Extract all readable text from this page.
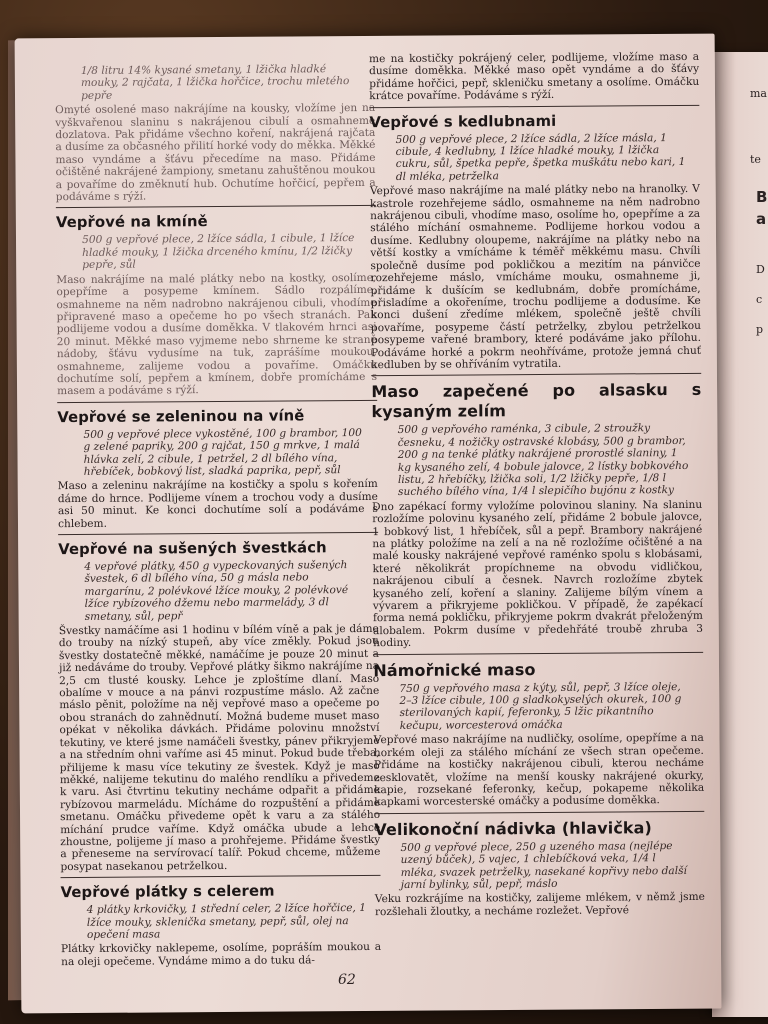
ma
te
B
a
D
c
p

1/8 litru 14% kysané smetany, 1 lžička hladké mouky, 2 rajčata, 1 lžička hořčice, trochu mletého pepře

Omyté osolené maso nakrájíme na kousky, vložíme jen na vyškvařenou slaninu s nakrájenou cibulí a osmahneme dozlatova. Pak přidáme všechno koření, nakrájená rajčata a dusíme za občasného přilití horké vody do měkka. Měkké maso vyndáme a šťávu přecedíme na maso. Přidáme očištěné nakrájené žampiony, smetanu zahuštěnou moukou a povaříme do změknutí hub. Ochutíme hořčicí, pepřem a podáváme s rýží.

Vepřové na kmíně

500 g vepřové plece, 2 lžíce sádla, 1 cibule, 1 lžíce hladké mouky, 1 lžička drceného kmínu, 1/2 lžičky pepře, sůl

Maso nakrájíme na malé plátky nebo na kostky, osolíme, opepříme a posypeme kmínem. Sádlo rozpálíme, osmahneme na něm nadrobno nakrájenou cibuli, vhodíme připravené maso a opečeme ho po všech stranách. Pak podlijeme vodou a dusíme doměkka. V tlakovém hrnci asi 20 minut. Měkké maso vyjmeme nebo shrneme ke straně nádoby, šťávu vydusíme na tuk, zaprášíme moukou, osmahneme, zalijeme vodou a povaříme. Omáčku dochutíme solí, pepřem a kmínem, dobře promícháme s masem a podáváme s rýží.

Vepřové se zeleninou na víně

500 g vepřové plece vykostěné, 100 g brambor, 100 g zelené papriky, 200 g rajčat, 150 g mrkve, 1 malá hlávka zelí, 2 cibule, 1 petržel, 2 dl bílého vína, hřebíček, bobkový list, sladká paprika, pepř, sůl

Maso a zeleninu nakrájíme na kostičky a spolu s kořením dáme do hrnce. Podlijeme vínem a trochou vody a dusíme asi 50 minut. Ke konci dochutíme solí a podáváme s chlebem.

Vepřové na sušených švestkách

4 vepřové plátky, 450 g vypeckovaných sušených švestek, 6 dl bílého vína, 50 g másla nebo margarínu, 2 polévkové lžíce mouky, 2 polévkové lžíce rybízového džemu nebo marmelády, 3 dl smetany, sůl, pepř

Švestky namáčíme asi 1 hodinu v bílém víně a pak je dáme do trouby na nízký stupeň, aby více změkly. Pokud jsou švestky dostatečně měkké, namáčíme je pouze 20 minut a již nedáváme do trouby. Vepřové plátky šikmo nakrájíme na 2,5 cm tlusté kousky. Lehce je zploštíme dlaní. Maso obalíme v mouce a na pánvi rozpustíme máslo. Až začne máslo pěnit, položíme na něj vepřové maso a opečeme po obou stranách do zahnědnutí. Možná budeme muset maso opékat v několika dávkách. Přidáme polovinu množství tekutiny, ve které jsme namáčeli švestky, pánev přikryjeme a na středním ohni vaříme asi 45 minut. Pokud bude třeba, přilijeme k masu více tekutiny ze švestek. Když je maso měkké, nalijeme tekutinu do malého rendlíku a přivedeme k varu. Asi čtvrtinu tekutiny necháme odpařit a přidáme rybízovou marmeládu. Mícháme do rozpuštění a přidáme smetanu. Omáčku přivedeme opět k varu a za stálého míchání prudce vaříme. Když omáčka ubude a lehce zhoustne, polijeme jí maso a prohřejeme. Přidáme švestky a přeneseme na servírovací talíř. Pokud chceme, můžeme posypat nasekanou petrželkou.

Vepřové plátky s celerem

4 plátky krkovičky, 1 střední celer, 2 lžíce hořčice, 1 lžíce mouky, sklenička smetany, pepř, sůl, olej na opečení masa

Plátky krkovičky naklepeme, osolíme, popráším moukou a na oleji opečeme. Vyndáme mimo a do tuku dá-

me na kostičky pokrájený celer, podlijeme, vložíme maso a dusíme doměkka. Měkké maso opět vyndáme a do šťávy přidáme hořčici, pepř, skleničku smetany a osolíme. Omáčku krátce povaříme. Podáváme s rýží.

Vepřové s kedlubnami

500 g vepřové plece, 2 lžíce sádla, 2 lžíce másla, 1 cibule, 4 kedlubny, 1 lžíce hladké mouky, 1 lžička cukru, sůl, špetka pepře, špetka muškátu nebo kari, 1 dl mléka, petrželka

Vepřové maso nakrájíme na malé plátky nebo na hranolky. V kastrole rozehřejeme sádlo, osmahneme na něm nadrobno nakrájenou cibuli, vhodíme maso, osolíme ho, opepříme a za stálého míchání osmahneme. Podlijeme horkou vodou a dusíme. Kedlubny oloupeme, nakrájíme na plátky nebo na větší kostky a vmícháme k téměř měkkému masu. Chvíli společně dusíme pod pokličkou a mezitím na pánvičce rozehřejeme máslo, vmícháme mouku, osmahneme ji, přidáme k dušícím se kedlubnám, dobře promícháme, přisladíme a okořeníme, trochu podlijeme a dodusíme. Ke konci dušení zředíme mlékem, společně ještě chvíli povaříme, posypeme částí petrželky, zbylou petrželkou posypeme vařené brambory, které podáváme jako přílohu. Podáváme horké a pokrm neohříváme, protože jemná chuť kedluben by se ohříváním vytratila.

Maso zapečené po alsasku s kysaným zelím

500 g vepřového raménka, 3 cibule, 2 stroužky česneku, 4 nožičky ostravské klobásy, 500 g brambor, 200 g na tenké plátky nakrájené prorostlé slaniny, 1 kg kysaného zelí, 4 bobule jalovce, 2 lístky bobkového listu, 2 hřebíčky, lžička soli, 1/2 lžičky pepře, 1/8 l suchého bílého vína, 1/4 l slepičího bujónu z kostky

Dno zapékací formy vyložíme polovinou slaniny. Na slaninu rozložíme polovinu kysaného zelí, přidáme 2 bobule jalovce, 1 bobkový list, 1 hřebíček, sůl a pepř. Brambory nakrájené na plátky položíme na zelí a na ně rozložíme očištěné a na malé kousky nakrájené vepřové raménko spolu s klobásami, které několikrát propíchneme na obvodu vidličkou, nakrájenou cibulí a česnek. Navrch rozložíme zbytek kysaného zelí, koření a slaniny. Zalijeme bílým vínem a vývarem a přikryjeme pokličkou. V případě, že zapékací forma nemá pokličku, přikryjeme pokrm dvakrát přeloženým alobalem. Pokrm dusíme v předehřáté troubě zhruba 3 hodiny.

Námořnické maso

750 g vepřového masa z kýty, sůl, pepř, 3 lžíce oleje, 2–3 lžíce cibule, 100 g sladkokyselých okurek, 100 g sterilovaných kapií, feferonky, 5 lžic pikantního kečupu, worcesterová omáčka

Vepřové maso nakrájíme na nudličky, osolíme, opepříme a na horkém oleji za stálého míchání ze všech stran opečeme. Přidáme na kostičky nakrájenou cibuli, kterou necháme zesklovatět, vložíme na menší kousky nakrájené okurky, kapie, rozsekané feferonky, kečup, pokapeme několika kapkami worcesterské omáčky a podusíme doměkka.

Velikonoční nádivka (hlavička)

500 g vepřové plece, 250 g uzeného masa (nejlépe uzený bůček), 5 vajec, 1 chlebíčková veka, 1/4 l mléka, svazek petrželky, nasekané kopřivy nebo další jarní bylinky, sůl, pepř, máslo

Veku rozkrájíme na kostičky, zalijeme mlékem, v němž jsme rozšlehali žloutky, a necháme rozležet. Vepřové

62
